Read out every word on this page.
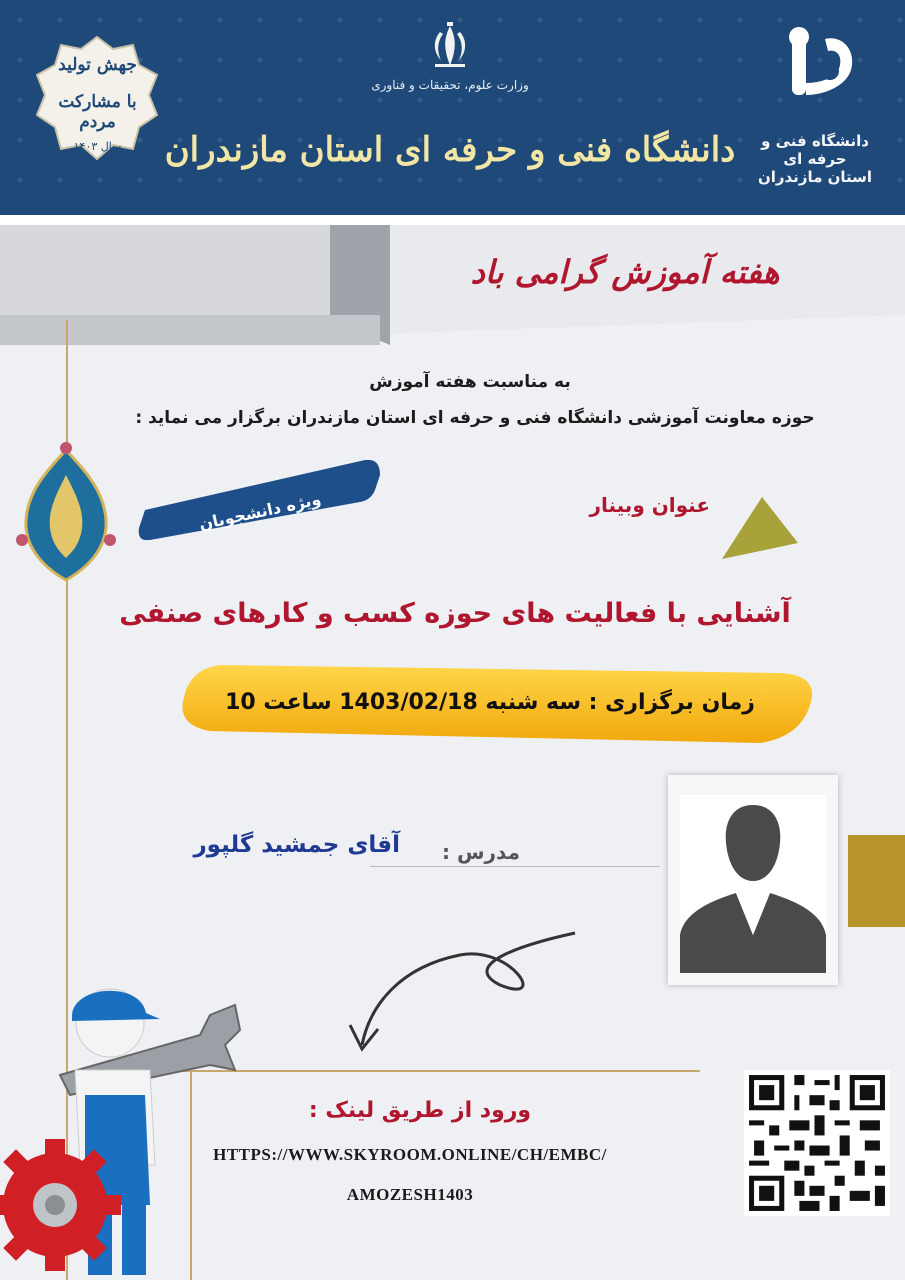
وزارت علوم، تحقیقات و فناوری
دانشگاه فنی و حرفه ای استان مازندران	دانشگاه فنی و حرفه ای
استان مازندران
جهش تولید
با مشارکت مردم
سال ۱۴۰۳
هفته آموزش گرامی باد
به مناسبت هفته آموزش
حوزه معاونت آموزشی دانشگاه فنی و حرفه ای استان مازندران برگزار می نماید :
ویژه دانشجویان	عنوان وبینار
آشنایی با فعالیت های حوزه کسب و کارهای صنفی
زمان برگزاری : سه شنبه 1403/02/18 ساعت 10
مدرس :
آقای جمشید گلپور
ورود از طریق لینک :
HTTPS://WWW.SKYROOM.ONLINE/CH/EMBC/
AMOZESH1403
